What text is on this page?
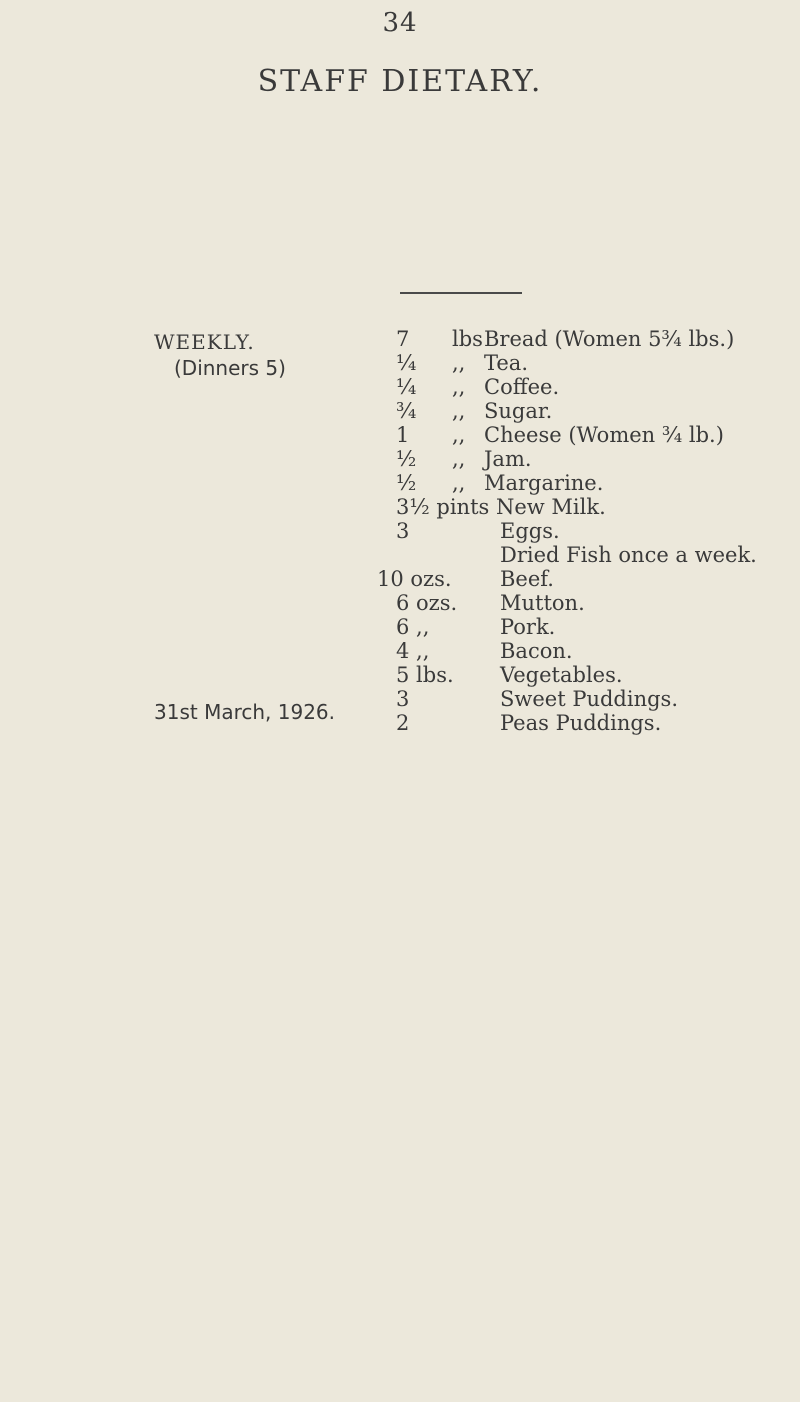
34
STAFF DIETARY.
WEEKLY.
(Dinners 5)
31st March, 1926.
7 lbs Bread (Women 5¾ lbs.)
¼ ,, Tea.
¼ ,, Coffee.
¾ ,, Sugar.
1 ,, Cheese (Women ¾ lb.)
½ ,, Jam.
½ ,, Margarine.
3½ pints New Milk.
3	Eggs.
Dried Fish once a week.
10 ozs. Beef.
6 ozs. Mutton.
6 ,,	Pork.
4 ,,	Bacon.
5 lbs. Vegetables.
3	Sweet Puddings.
2	Peas Puddings.
